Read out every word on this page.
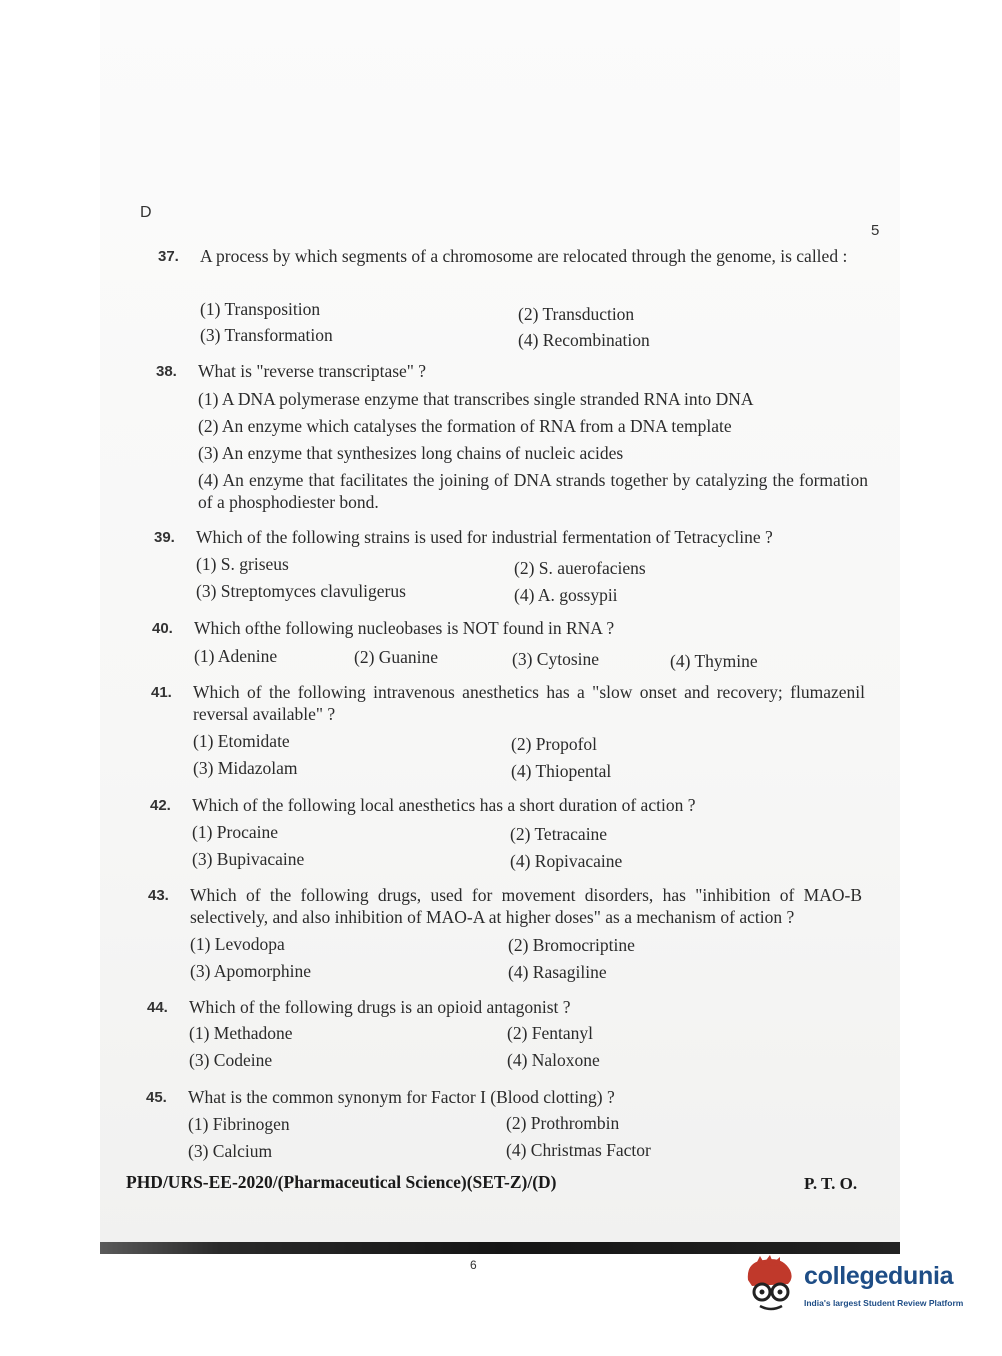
D
5
37. A process by which segments of a chromosome are relocated through the genome, is called :
(1) Transposition	(2) Transduction
(3) Transformation	(4) Recombination
38. What is "reverse transcriptase" ?
(1) A DNA polymerase enzyme that transcribes single stranded RNA into DNA
(2) An enzyme which catalyses the formation of RNA from a DNA template
(3) An enzyme that synthesizes long chains of nucleic acides
(4) An enzyme that facilitates the joining of DNA strands together by catalyzing the formation of a phosphodiester bond.
39. Which of the following strains is used for industrial fermentation of Tetracycline ?
(1) S. griseus	(2) S. auerofaciens
(3) Streptomyces clavuligerus	(4) A. gossypii
40. Which ofthe following nucleobases is NOT found in RNA ?
(1) Adenine	(2) Guanine	(3) Cytosine	(4) Thymine
41. Which of the following intravenous anesthetics has a "slow onset and recovery; flumazenil reversal available" ?
(1) Etomidate	(2) Propofol
(3) Midazolam	(4) Thiopental
42. Which of the following local anesthetics has a short duration of action ?
(1) Procaine	(2) Tetracaine
(3) Bupivacaine	(4) Ropivacaine
43. Which of the following drugs, used for movement disorders, has "inhibition of MAO-B selectively, and also inhibition of MAO-A at higher doses" as a mechanism of action ?
(1) Levodopa	(2) Bromocriptine
(3) Apomorphine	(4) Rasagiline
44. Which of the following drugs is an opioid antagonist ?
(1) Methadone	(2) Fentanyl
(3) Codeine	(4) Naloxone
45. What is the common synonym for Factor I (Blood clotting) ?
(1) Fibrinogen	(2) Prothrombin
(3) Calcium	(4) Christmas Factor
PHD/URS-EE-2020/(Pharmaceutical Science)(SET-Z)/(D)	P. T. O.
6	collegedunia
India's largest Student Review Platform
